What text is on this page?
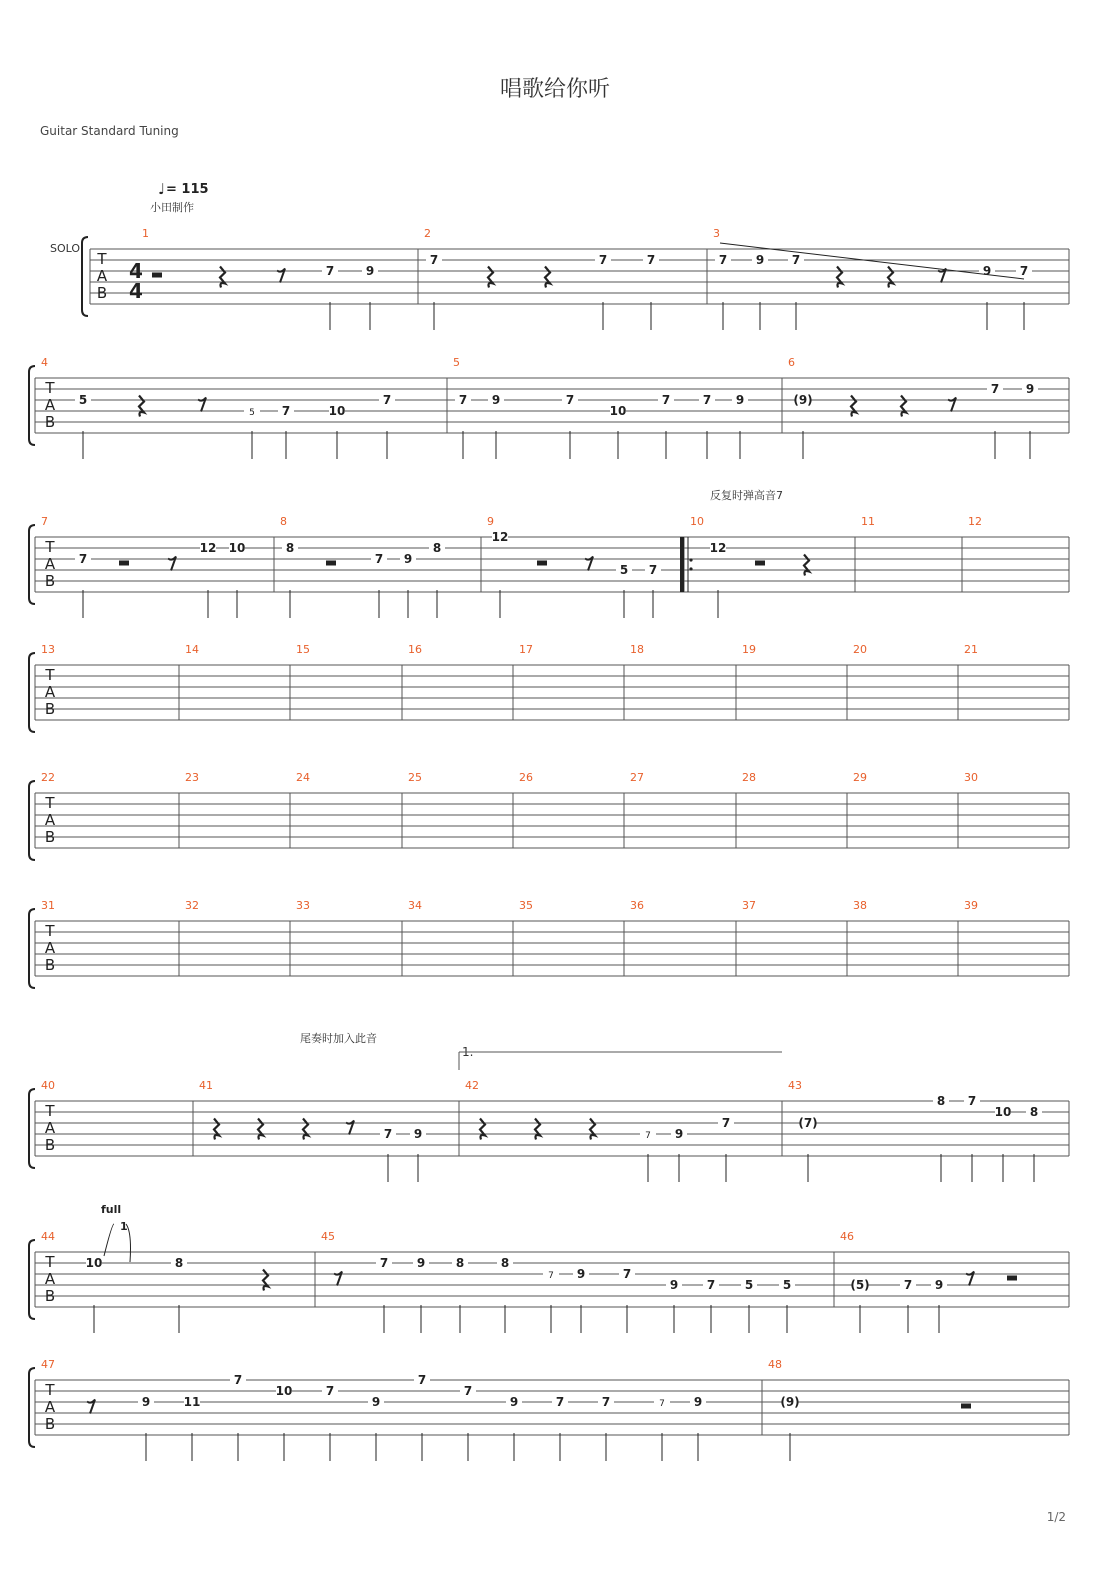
唱歌给你听
Guitar Standard Tuning
1/2
T
A
B
1	2	3
T
A
B
4	5	6
T
A
B
7	8	9	10	11	12
T
A
B
13	14	15	16	17	18	19	20	21
T
A
B
22	23	24	25	26	27	28	29	30
T
A
B
31	32	33	34	35	36	37	38	39
T
A
B
40	41	42	43
T
A
B
44	45	46
T
A
B
47	48
4
4
SOLO
♩ = 115
小田制作
反复时弹高音7
尾奏时加入此音
1.
full
1
7	9
7	7	7	7 9 7
9 7
5
5 7	10
7	7 9	7
10
7	7 9	(9)
7 9
7
12 10	8
7 9
8
12
5 7
12
7 9	7 9
7	(7)
8 7
10 8
10	8	7 9	8	8
7 9	7
9 7 5 5	(5)	7 9
9	11
7
10	7
9
7
7
9	7	7	7 9	(9)
